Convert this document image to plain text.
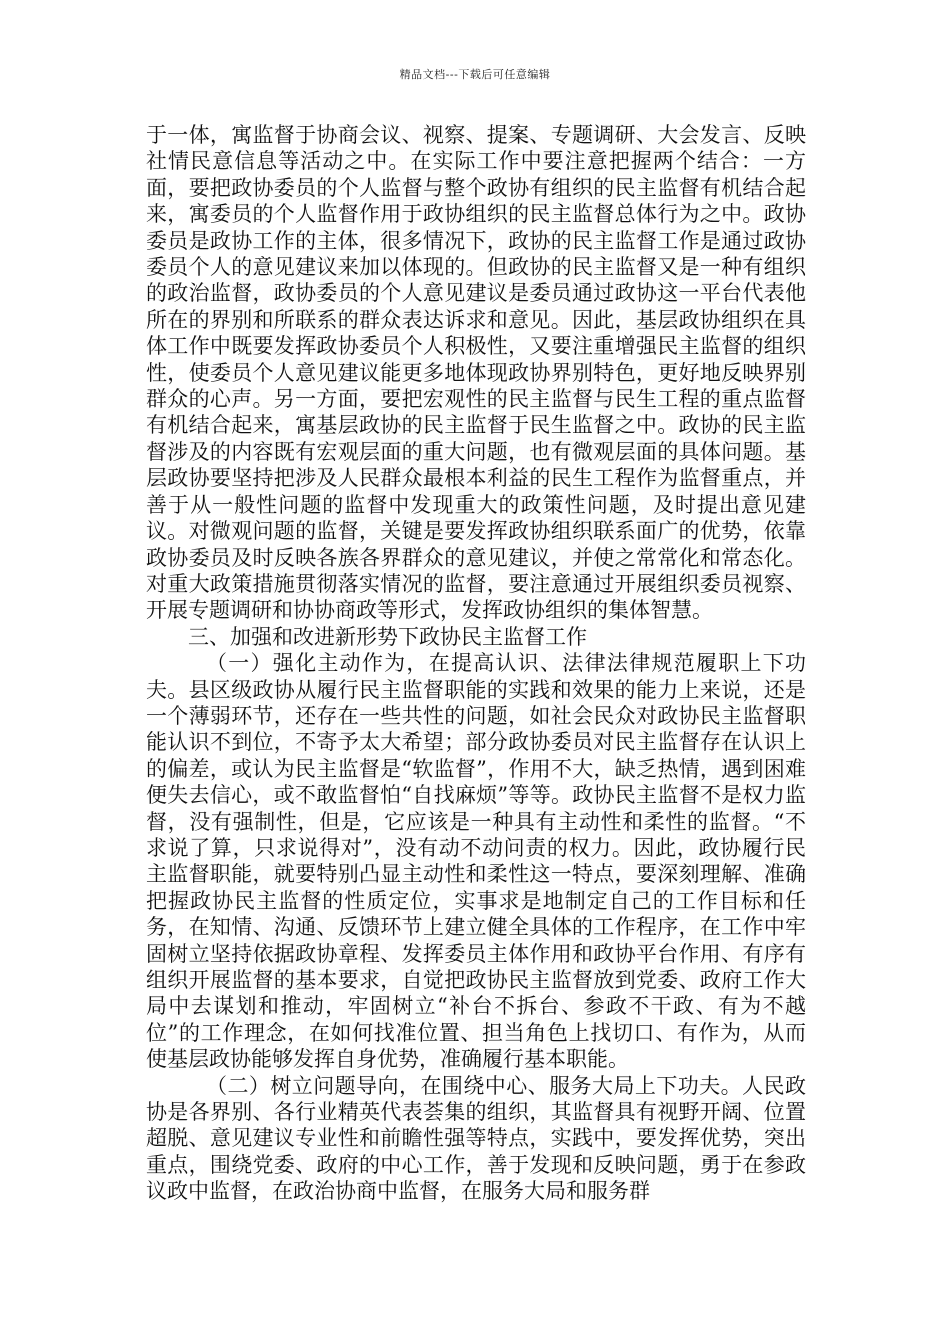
精品文档---下载后可任意编辑

于一体，寓监督于协商会议、视察、提案、专题调研、大会发言、反映社情民意信息等活动之中。在实际工作中要注意把握两个结合：一方面，要把政协委员的个人监督与整个政协有组织的民主监督有机结合起来，寓委员的个人监督作用于政协组织的民主监督总体行为之中。政协委员是政协工作的主体，很多情况下，政协的民主监督工作是通过政协委员个人的意见建议来加以体现的。但政协的民主监督又是一种有组织的政治监督，政协委员的个人意见建议是委员通过政协这一平台代表他所在的界别和所联系的群众表达诉求和意见。因此，基层政协组织在具体工作中既要发挥政协委员个人积极性，又要注重增强民主监督的组织性，使委员个人意见建议能更多地体现政协界别特色，更好地反映界别群众的心声。另一方面，要把宏观性的民主监督与民生工程的重点监督有机结合起来，寓基层政协的民主监督于民生监督之中。政协的民主监督涉及的内容既有宏观层面的重大问题，也有微观层面的具体问题。基层政协要坚持把涉及人民群众最根本利益的民生工程作为监督重点，并善于从一般性问题的监督中发现重大的政策性问题，及时提出意见建议。对微观问题的监督，关键是要发挥政协组织联系面广的优势，依靠政协委员及时反映各族各界群众的意见建议，并使之常常化和常态化。对重大政策措施贯彻落实情况的监督，要注意通过开展组织委员视察、开展专题调研和协协商政等形式，发挥政协组织的集体智慧。

三、加强和改进新形势下政协民主监督工作

（一）强化主动作为，在提高认识、法律法律规范履职上下功夫。县区级政协从履行民主监督职能的实践和效果的能力上来说，还是一个薄弱环节，还存在一些共性的问题，如社会民众对政协民主监督职能认识不到位，不寄予太大希望；部分政协委员对民主监督存在认识上的偏差，或认为民主监督是“软监督”，作用不大，缺乏热情，遇到困难便失去信心，或不敢监督怕“自找麻烦”等等。政协民主监督不是权力监督，没有强制性，但是，它应该是一种具有主动性和柔性的监督。“不求说了算，只求说得对”，没有动不动问责的权力。因此，政协履行民主监督职能，就要特别凸显主动性和柔性这一特点，要深刻理解、准确把握政协民主监督的性质定位，实事求是地制定自己的工作目标和任务，在知情、沟通、反馈环节上建立健全具体的工作程序，在工作中牢固树立坚持依据政协章程、发挥委员主体作用和政协平台作用、有序有组织开展监督的基本要求，自觉把政协民主监督放到党委、政府工作大局中去谋划和推动，牢固树立“补台不拆台、参政不干政、有为不越位”的工作理念，在如何找准位置、担当角色上找切口、有作为，从而使基层政协能够发挥自身优势，准确履行基本职能。

（二）树立问题导向，在围绕中心、服务大局上下功夫。人民政协是各界别、各行业精英代表荟集的组织，其监督具有视野开阔、位置超脱、意见建议专业性和前瞻性强等特点，实践中，要发挥优势，突出重点，围绕党委、政府的中心工作，善于发现和反映问题，勇于在参政议政中监督，在政治协商中监督，在服务大局和服务群
